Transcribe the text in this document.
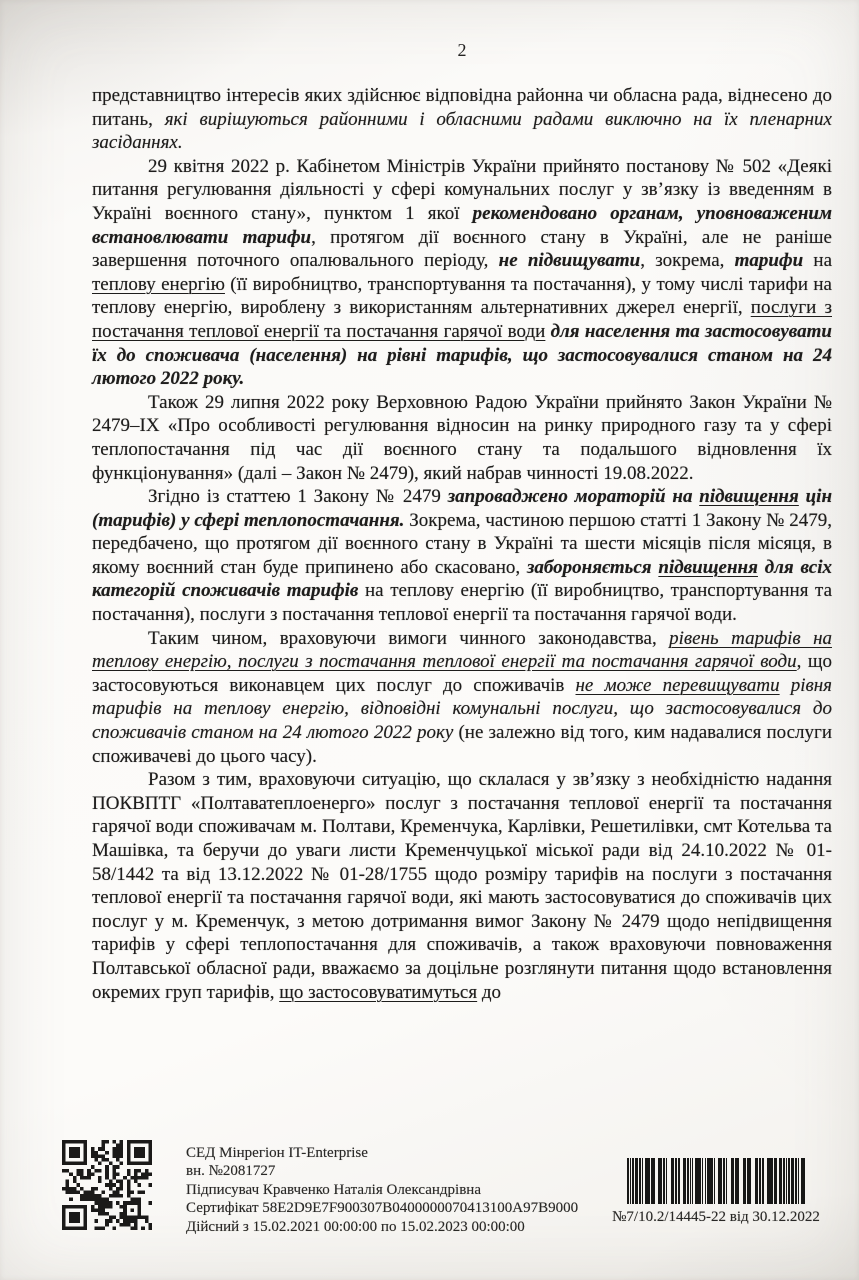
2

представництво інтересів яких здійснює відповідна районна чи обласна рада, віднесено до питань, які вирішуються районними і обласними радами виключно на їх пленарних засіданнях.

29 квітня 2022 р. Кабінетом Міністрів України прийнято постанову № 502 «Деякі питання регулювання діяльності у сфері комунальних послуг у зв’язку із введенням в Україні воєнного стану», пунктом 1 якої рекомендовано органам, уповноваженим встановлювати тарифи, протягом дії воєнного стану в Україні, але не раніше завершення поточного опалювального періоду, не підвищувати, зокрема, тарифи на теплову енергію (її виробництво, транспортування та постачання), у тому числі тарифи на теплову енергію, вироблену з використанням альтернативних джерел енергії, послуги з постачання теплової енергії та постачання гарячої води для населення та застосовувати їх до споживача (населення) на рівні тарифів, що застосовувалися станом на 24 лютого 2022 року.

Також 29 липня 2022 року Верховною Радою України прийнято Закон України № 2479–ІХ «Про особливості регулювання відносин на ринку природного газу та у сфері теплопостачання під час дії воєнного стану та подальшого відновлення їх функціонування» (далі – Закон № 2479), який набрав чинності 19.08.2022.

Згідно із статтею 1 Закону № 2479 запроваджено мораторій на підвищення цін (тарифів) у сфері теплопостачання. Зокрема, частиною першою статті 1 Закону № 2479, передбачено, що протягом дії воєнного стану в Україні та шести місяців після місяця, в якому воєнний стан буде припинено або скасовано, забороняється підвищення для всіх категорій споживачів тарифів на теплову енергію (її виробництво, транспортування та постачання), послуги з постачання теплової енергії та постачання гарячої води.

Таким чином, враховуючи вимоги чинного законодавства, рівень тарифів на теплову енергію, послуги з постачання теплової енергії та постачання гарячої води, що застосовуються виконавцем цих послуг до споживачів не може перевищувати рівня тарифів на теплову енергію, відповідні комунальні послуги, що застосовувалися до споживачів станом на 24 лютого 2022 року (не залежно від того, ким надавалися послуги споживачеві до цього часу).

Разом з тим, враховуючи ситуацію, що склалася у зв’язку з необхідністю надання ПОКВПТГ «Полтаватеплоенерго» послуг з постачання теплової енергії та постачання гарячої води споживачам м. Полтави, Кременчука, Карлівки, Решетилівки, смт Котельва та Машівка, та беручи до уваги листи Кременчуцької міської ради від 24.10.2022 № 01-58/1442 та від 13.12.2022 № 01-28/1755 щодо розміру тарифів на послуги з постачання теплової енергії та постачання гарячої води, які мають застосовуватися до споживачів цих послуг у м. Кременчук, з метою дотримання вимог Закону № 2479 щодо непідвищення тарифів у сфері теплопостачання для споживачів, а також враховуючи повноваження Полтавської обласної ради, вважаємо за доцільне розглянути питання щодо встановлення окремих груп тарифів, що застосовуватимуться до

СЕД Мінрегіон IT-Enterprise
вн. №2081727
Підписувач Кравченко Наталія Олександрівна
Сертифікат 58E2D9E7F900307B0400000070413100A97B9000
Дійсний з 15.02.2021 00:00:00 по 15.02.2023 00:00:00
№7/10.2/14445-22 від 30.12.2022
